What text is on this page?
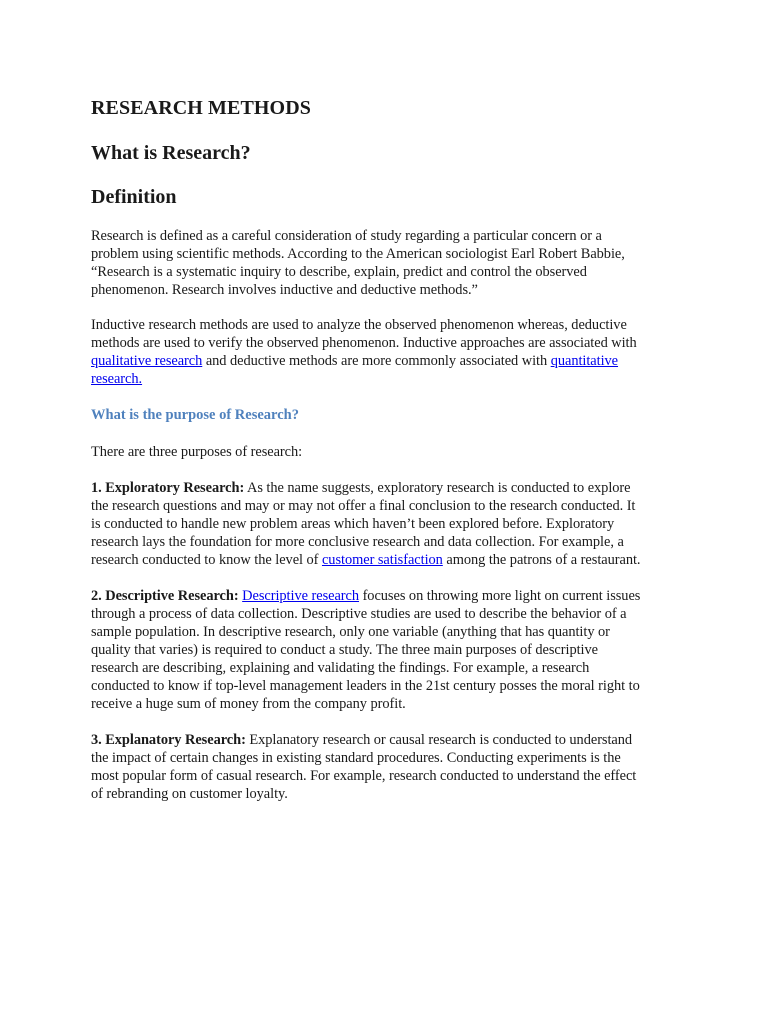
RESEARCH METHODS
What is Research?
Definition

Research is defined as a careful consideration of study regarding a particular concern or a
problem using scientific methods. According to the American sociologist Earl Robert Babbie,
“Research is a systematic inquiry to describe, explain, predict and control the observed
phenomenon. Research involves inductive and deductive methods.”

Inductive research methods are used to analyze the observed phenomenon whereas, deductive
methods are used to verify the observed phenomenon. Inductive approaches are associated with
qualitative research and deductive methods are more commonly associated with quantitative
research.

What is the purpose of Research?

There are three purposes of research:

1. Exploratory Research: As the name suggests, exploratory research is conducted to explore
the research questions and may or may not offer a final conclusion to the research conducted. It
is conducted to handle new problem areas which haven’t been explored before. Exploratory
research lays the foundation for more conclusive research and data collection. For example, a
research conducted to know the level of customer satisfaction among the patrons of a restaurant.

2. Descriptive Research: Descriptive research focuses on throwing more light on current issues
through a process of data collection. Descriptive studies are used to describe the behavior of a
sample population. In descriptive research, only one variable (anything that has quantity or
quality that varies) is required to conduct a study. The three main purposes of descriptive
research are describing, explaining and validating the findings. For example, a research
conducted to know if top-level management leaders in the 21st century posses the moral right to
receive a huge sum of money from the company profit.

3. Explanatory Research: Explanatory research or causal research is conducted to understand
the impact of certain changes in existing standard procedures. Conducting experiments is the
most popular form of casual research. For example, research conducted to understand the effect
of rebranding on customer loyalty.
